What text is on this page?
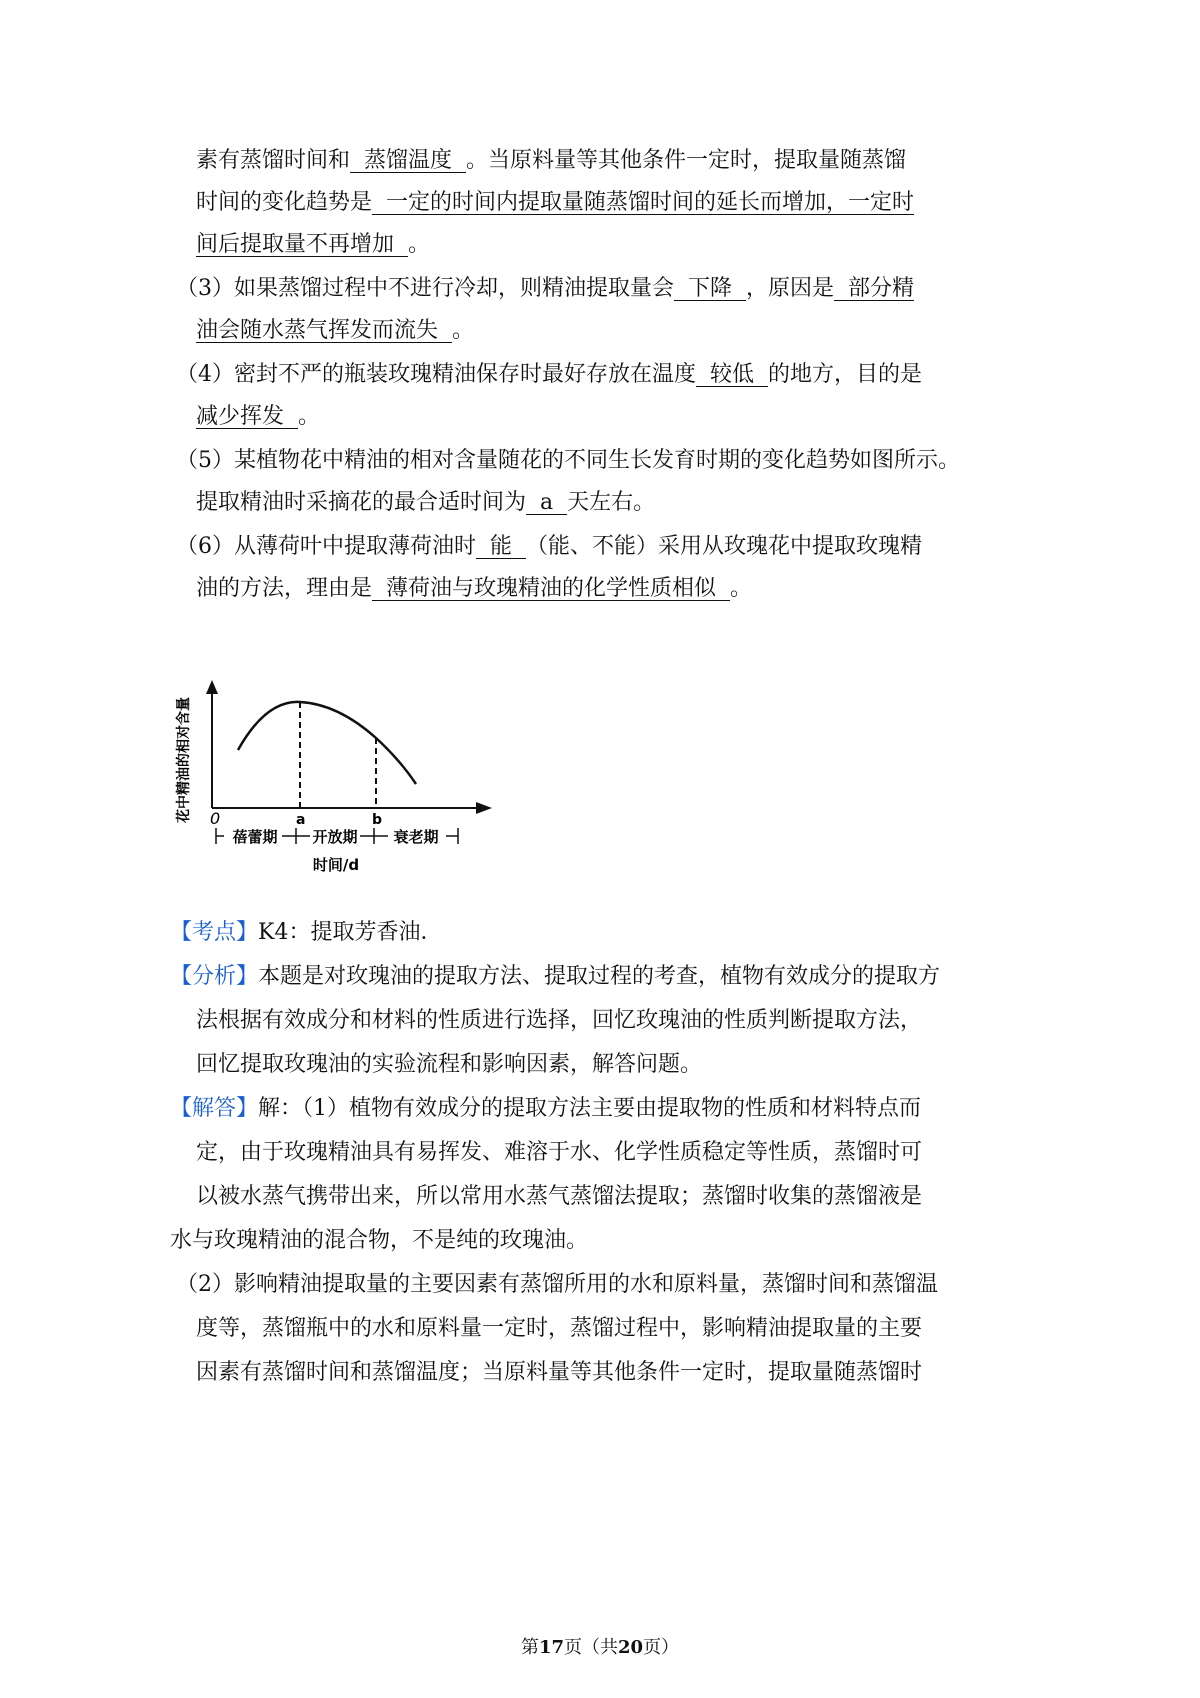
素有蒸馏时间和  蒸馏温度  。当原料量等其他条件一定时，提取量随蒸馏
时间的变化趋势是  一定的时间内提取量随蒸馏时间的延长而增加，一定时
间后提取量不再增加 。
（3）如果蒸馏过程中不进行冷却，则精油提取量会  下降  ，原因是  部分精
油会随水蒸气挥发而流失  。
（4）密封不严的瓶装玫瑰精油保存时最好存放在温度  较低  的地方，目的是
减少挥发  。
（5）某植物花中精油的相对含量随花的不同生长发育时期的变化趋势如图所示。
提取精油时采摘花的最合适时间为  a  天左右。
（6）从薄荷叶中提取薄荷油时  能  （能、不能）采用从玫瑰花中提取玫瑰精
油的方法，理由是  薄荷油与玫瑰精油的化学性质相似  。
【考点】K4：提取芳香油．
【分析】本题是对玫瑰油的提取方法、提取过程的考查，植物有效成分的提取方
法根据有效成分和材料的性质进行选择，回忆玫瑰油的性质判断提取方法，
回忆提取玫瑰油的实验流程和影响因素，解答问题。
【解答】解：（1）植物有效成分的提取方法主要由提取物的性质和材料特点而
定，由于玫瑰精油具有易挥发、难溶于水、化学性质稳定等性质，蒸馏时可
以被水蒸气携带出来，所以常用水蒸气蒸馏法提取；蒸馏时收集的蒸馏液是
水与玫瑰精油的混合物，不是纯的玫瑰油。
（2）影响精油提取量的主要因素有蒸馏所用的水和原料量，蒸馏时间和蒸馏温
度等，蒸馏瓶中的水和原料量一定时，蒸馏过程中，影响精油提取量的主要
因素有蒸馏时间和蒸馏温度；当原料量等其他条件一定时，提取量随蒸馏时
0	a	b
花中精油的相对含量
蓓蕾期 开放期 衰老期
时间/d
第17页（共20页）
